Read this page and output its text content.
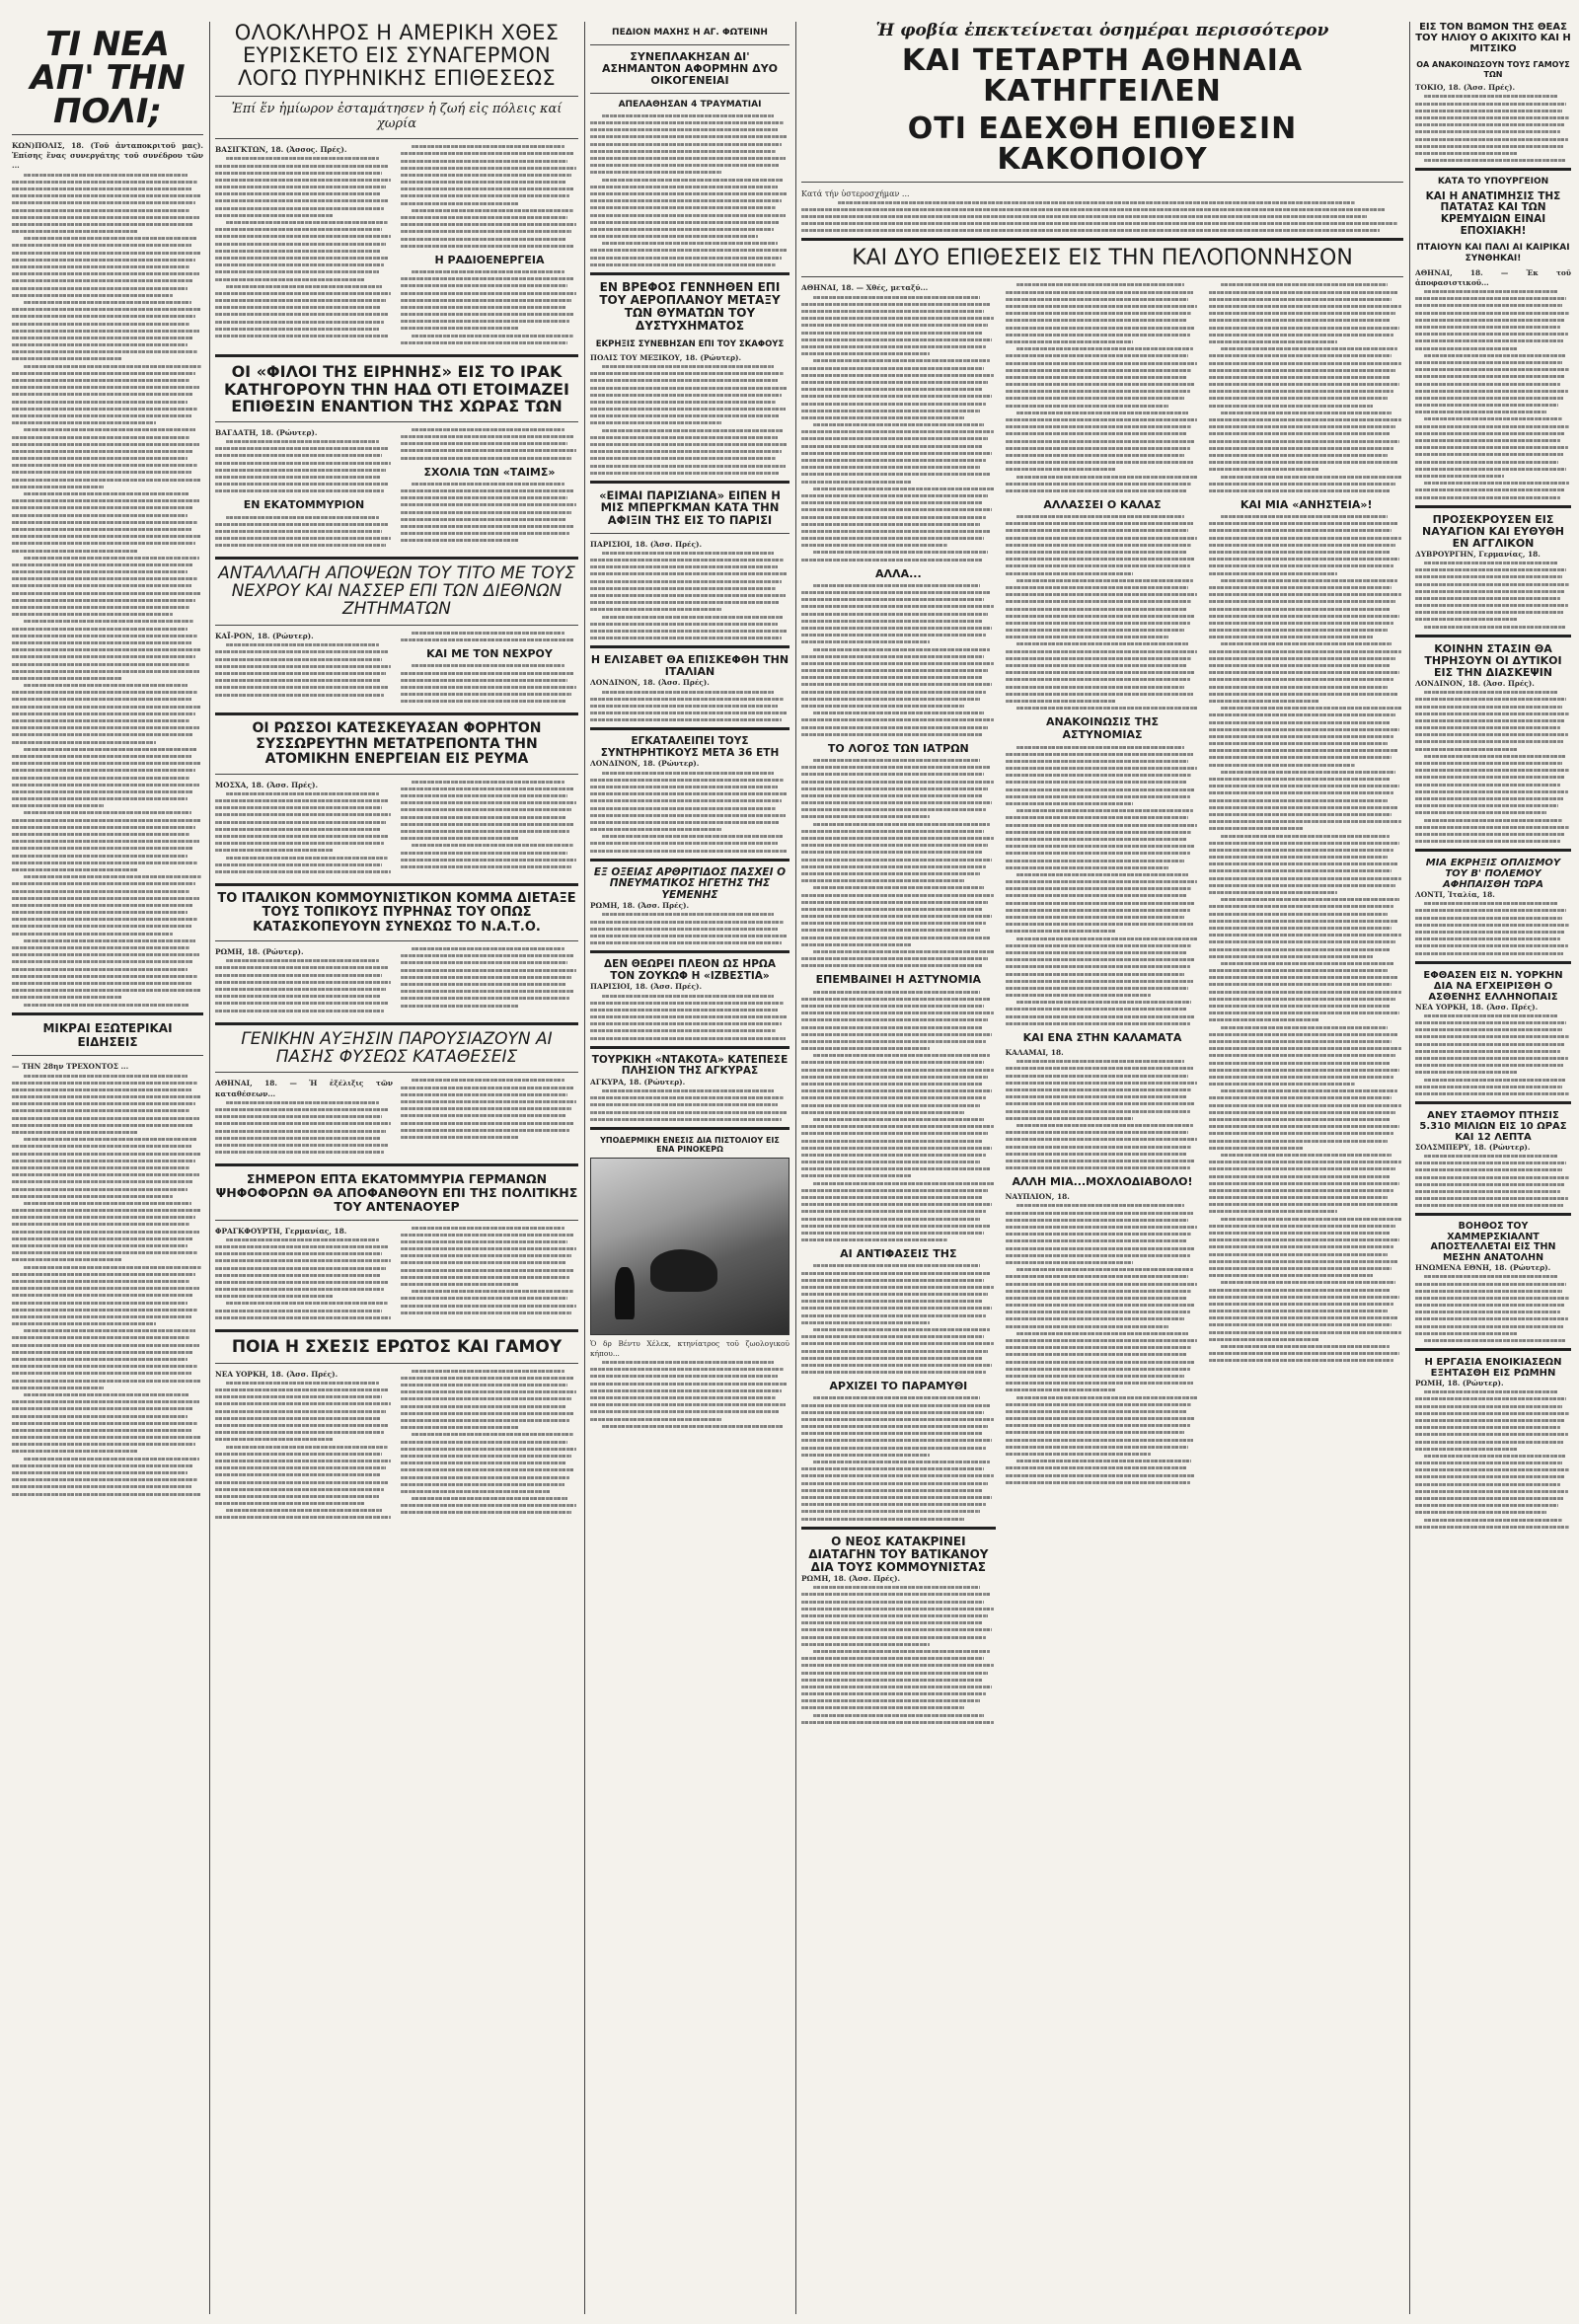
ΤΙ ΝΕΑ
ΑΠ' ΤΗΝ
ΠΟΛΙ;

ΚΩΝ)ΠΟΛΙΣ, 18. (Τοῦ ἀνταποκριτοῦ μας). Ἐπίσης ἕνας συνεργάτης τοῦ συνέδρου τῶν ...

ΜΙΚΡΑΙ ΕΞΩΤΕΡΙΚΑΙ ΕΙΔΗΣΕΙΣ

— ΤΗΝ 28ην ΤΡΕΧΟΝΤΟΣ ...

ΟΛΟΚΛΗΡΟΣ Η ΑΜΕΡΙΚΗ ΧΘΕΣ ΕΥΡΙΣΚΕΤΟ ΕΙΣ ΣΥΝΑΓΕΡΜΟΝ ΛΟΓΩ ΠΥΡΗΝΙΚΗΣ ΕΠΙΘΕΣΕΩΣ
Ἐπί ἕν ἡμίωρον ἐσταμάτησεν ἡ ζωή εἰς πόλεις καί χωρία

ΒΑΣΙΓΚΤΩΝ, 18. (Ἀσσος. Πρές).

Η ΡΑΔΙΟΕΝΕΡΓΕΙΑ
ΟΙ «ΦΙΛΟΙ ΤΗΣ ΕΙΡΗΝΗΣ» ΕΙΣ ΤΟ ΙΡΑΚ ΚΑΤΗΓΟΡΟΥΝ ΤΗΝ ΗΑΔ ΟΤΙ ΕΤΟΙΜΑΖΕΙ ΕΠΙΘΕΣΙΝ ΕΝΑΝΤΙΟΝ ΤΗΣ ΧΩΡΑΣ ΤΩΝ

ΒΑΓΔΑΤΗ, 18. (Ρώυτερ).

ΕΝ ΕΚΑΤΟΜΜΥΡΙΟΝ
ΣΧΟΛΙΑ ΤΩΝ «ΤΑΙΜΣ»
ΑΝΤΑΛΛΑΓΗ ΑΠΟΨΕΩΝ ΤΟΥ ΤΙΤΟ ΜΕ ΤΟΥΣ ΝΕΧΡΟΥ ΚΑΙ ΝΑΣΣΕΡ ΕΠΙ ΤΩΝ ΔΙΕΘΝΩΝ ΖΗΤΗΜΑΤΩΝ

ΚΑΪ-ΡΟΝ, 18. (Ρώυτερ).

ΚΑΙ ΜΕ ΤΟΝ ΝΕΧΡΟΥ
ΟΙ ΡΩΣΣΟΙ ΚΑΤΕΣΚΕΥΑΣΑΝ ΦΟΡΗΤΟΝ ΣΥΣΣΩΡΕΥΤΗΝ ΜΕΤΑΤΡΕΠΟΝΤΑ ΤΗΝ ΑΤΟΜΙΚΗΝ ΕΝΕΡΓΕΙΑΝ ΕΙΣ ΡΕΥΜΑ

ΜΟΣΧΑ, 18. (Ἀσσ. Πρές).

ΤΟ ΙΤΑΛΙΚΟΝ ΚΟΜΜΟΥΝΙΣΤΙΚΟΝ ΚΟΜΜΑ ΔΙΕΤΑΞΕ ΤΟΥΣ ΤΟΠΙΚΟΥΣ ΠΥΡΗΝΑΣ ΤΟΥ ΟΠΩΣ ΚΑΤΑΣΚΟΠΕΥΟΥΝ ΣΥΝΕΧΩΣ ΤΟ Ν.Α.Τ.Ο.

ΡΩΜΗ, 18. (Ρώυτερ).

ΓΕΝΙΚΗΝ ΑΥΞΗΣΙΝ ΠΑΡΟΥΣΙΑΖΟΥΝ ΑΙ ΠΑΣΗΣ ΦΥΣΕΩΣ ΚΑΤΑΘΕΣΕΙΣ

ΑΘΗΝΑΙ, 18. — Ἡ ἐξέλιξις τῶν καταθέσεων...

ΣΗΜΕΡΟΝ ΕΠΤΑ ΕΚΑΤΟΜΜΥΡΙΑ ΓΕΡΜΑΝΩΝ ΨΗΦΟΦΟΡΩΝ ΘΑ ΑΠΟΦΑΝΘΟΥΝ ΕΠΙ ΤΗΣ ΠΟΛΙΤΙΚΗΣ ΤΟΥ ΑΝΤΕΝΑΟΥΕΡ

ΦΡΑΓΚΦΟΥΡΤΗ, Γερμανίας, 18.

ΠΟΙΑ Η ΣΧΕΣΙΣ ΕΡΩΤΟΣ ΚΑΙ ΓΑΜΟΥ

ΝΕΑ ΥΟΡΚΗ, 18. (Ἀσσ. Πρές).

ΠΕΔΙΟΝ ΜΑΧΗΣ Η ΑΓ. ΦΩΤΕΙΝΗ
ΣΥΝΕΠΛΑΚΗΣΑΝ ΔΙ' ΑΣΗΜΑΝΤΟΝ ΑΦΟΡΜΗΝ ΔΥΟ ΟΙΚΟΓΕΝΕΙΑΙ
ΑΠΕΛΑΘΗΣΑΝ 4 ΤΡΑΥΜΑΤΙΑΙ
ΕΝ ΒΡΕΦΟΣ ΓΕΝΝΗΘΕΝ ΕΠΙ ΤΟΥ ΑΕΡΟΠΛΑΝΟΥ ΜΕΤΑΞΥ ΤΩΝ ΘΥΜΑΤΩΝ ΤΟΥ ΔΥΣΤΥΧΗΜΑΤΟΣ
ΕΚΡΗΞΙΣ ΣΥΝΕΒΗΣΑΝ ΕΠΙ ΤΟΥ ΣΚΑΦΟΥΣ

ΠΟΛΙΣ ΤΟΥ ΜΕΞΙΚΟΥ, 18. (Ρώυτερ).

«ΕΙΜΑΙ ΠΑΡΙΖΙΑΝΑ» ΕΙΠΕΝ Η ΜΙΣ ΜΠΕΡΓΚΜΑΝ ΚΑΤΑ ΤΗΝ ΑΦΙΞΙΝ ΤΗΣ ΕΙΣ ΤΟ ΠΑΡΙΣΙ

ΠΑΡΙΣΙΟΙ, 18. (Ἀσσ. Πρές).

Η ΕΛΙΣΑΒΕΤ ΘΑ ΕΠΙΣΚΕΦΘΗ ΤΗΝ ΙΤΑΛΙΑΝ

ΛΟΝΔΙΝΟΝ, 18. (Ἀσσ. Πρές).

ΕΓΚΑΤΑΛΕΙΠΕΙ ΤΟΥΣ ΣΥΝΤΗΡΗΤΙΚΟΥΣ ΜΕΤΑ 36 ΕΤΗ

ΛΟΝΔΙΝΟΝ, 18. (Ρώυτερ).

ΕΞ ΟΞΕΙΑΣ ΑΡΘΡΙΤΙΔΟΣ ΠΑΣΧΕΙ Ο ΠΝΕΥΜΑΤΙΚΟΣ ΗΓΕΤΗΣ ΤΗΣ ΥΕΜΕΝΗΣ

ΡΩΜΗ, 18. (Ἀσσ. Πρές).

ΔΕΝ ΘΕΩΡΕΙ ΠΛΕΟΝ ΩΣ ΗΡΩΑ ΤΟΝ ΖΟΥΚΩΦ Η «ΙΖΒΕΣΤΙΑ»

ΠΑΡΙΣΙΟΙ, 18. (Ἀσσ. Πρές).

ΤΟΥΡΚΙΚΗ «ΝΤΑΚΟΤΑ» ΚΑΤΕΠΕΣΕ ΠΛΗΣΙΟΝ ΤΗΣ ΑΓΚΥΡΑΣ

ΑΓΚΥΡΑ, 18. (Ρώυτερ).

ΥΠΟΔΕΡΜΙΚΗ ΕΝΕΣΙΣ ΔΙΑ ΠΙΣΤΟΛΙΟΥ ΕΙΣ ΕΝΑ ΡΙΝΟΚΕΡΩ

Ὁ δρ Βέντυ Χέλεκ, κτηνίατρος τοῦ ζωολογικοῦ κήπου...

Ἡ φοβία ἐπεκτείνεται ὁσημέραι περισσότερον
ΚΑΙ ΤΕΤΑΡΤΗ ΑΘΗΝΑΙΑ ΚΑΤΗΓΓΕΙΛΕΝ
ΟΤΙ ΕΔΕΧΘΗ ΕΠΙΘΕΣΙΝ ΚΑΚΟΠΟΙΟΥ

Κατά τήν ὑστεροσχήμαν ...

ΚΑΙ ΔΥΟ ΕΠΙΘΕΣΕΙΣ ΕΙΣ ΤΗΝ ΠΕΛΟΠΟΝΝΗΣΟΝ

ΑΘΗΝΑΙ, 18. — Χθές, μεταξύ...

ΑΛΛΑ...
ΤΟ ΛΟΓΟΣ ΤΩΝ ΙΑΤΡΩΝ
ΕΠΕΜΒΑΙΝΕΙ Η ΑΣΤΥΝΟΜΙΑ
ΑΙ ΑΝΤΙΦΑΣΕΙΣ ΤΗΣ
ΑΡΧΙΖΕΙ ΤΟ ΠΑΡΑΜΥΘΙ
Ο ΝΕΟΣ ΚΑΤΑΚΡΙΝΕΙ ΔΙΑΤΑΓΗΝ ΤΟΥ ΒΑΤΙΚΑΝΟΥ ΔΙΑ ΤΟΥΣ ΚΟΜΜΟΥΝΙΣΤΑΣ

ΡΩΜΗ, 18. (Ἀσσ. Πρές).

ΑΛΛΑΣΣΕΙ Ο ΚΑΛΑΣ
ΑΝΑΚΟΙΝΩΣΙΣ ΤΗΣ ΑΣΤΥΝΟΜΙΑΣ
ΚΑΙ ΕΝΑ ΣΤΗΝ ΚΑΛΑΜΑΤΑ

ΚΑΛΑΜΑΙ, 18.

ΑΛΛΗ ΜΙΑ...ΜΟΧΛΟΔΙΑΒΟΛΟ!

ΝΑΥΠΛΙΟΝ, 18.

ΚΑΙ ΜΙΑ «ΑΝΗΣΤΕΙΑ»!
ΕΙΣ ΤΟΝ ΒΩΜΟΝ ΤΗΣ ΘΕΑΣ ΤΟΥ ΗΛΙΟΥ Ο ΑΚΙΧΙΤΟ ΚΑΙ Η ΜΙΤΣΙΚΟ
ΟΑ ΑΝΑΚΟΙΝΩΣΟΥΝ ΤΟΥΣ ΓΑΜΟΥΣ ΤΩΝ

ΤΟΚΙΟ, 18. (Ἀσσ. Πρές).

ΚΑΤΑ ΤΟ ΥΠΟΥΡΓΕΙΟΝ
ΚΑΙ Η ΑΝΑΤΙΜΗΣΙΣ ΤΗΣ ΠΑΤΑΤΑΣ ΚΑΙ ΤΩΝ ΚΡΕΜΥΔΙΩΝ ΕΙΝΑΙ ΕΠΟΧΙΑΚΗ!
ΠΤΑΙΟΥΝ ΚΑΙ ΠΑΛΙ ΑΙ ΚΑΙΡΙΚΑΙ ΣΥΝΘΗΚΑΙ!

ΑΘΗΝΑΙ, 18. — Ἐκ τοῦ ἀποφασιστικοῦ...

ΠΡΟΣΕΚΡΟΥΣΕΝ ΕΙΣ ΝΑΥΑΓΙΟΝ ΚΑΙ ΕΥΘΥΘΗ ΕΝ ΑΓΓΛΙΚΟΝ

ΔΥΒΡΟΥΡΓΗΝ, Γερμανίας, 18.

ΚΟΙΝΗΝ ΣΤΑΣΙΝ ΘΑ ΤΗΡΗΣΟΥΝ ΟΙ ΔΥΤΙΚΟΙ ΕΙΣ ΤΗΝ ΔΙΑΣΚΕΨΙΝ

ΛΟΝΔΙΝΟΝ, 18. (Ἀσσ. Πρές).

ΜΙΑ ΕΚΡΗΞΙΣ ΟΠΛΙΣΜΟΥ ΤΟΥ Β' ΠΟΛΕΜΟΥ ΑΦΗΠΑΙΣΘΗ ΤΩΡΑ

ΛΟΝΤΙ, Ἰταλία, 18.

ΕΦΘΑΣΕΝ ΕΙΣ Ν. ΥΟΡΚΗΝ ΔΙΑ ΝΑ ΕΓΧΕΙΡΙΣΘΗ Ο ΑΣΘΕΝΗΣ ΕΛΛΗΝΟΠΑΙΣ

ΝΕΑ ΥΟΡΚΗ, 18. (Ἀσσ. Πρές).

ΑΝΕΥ ΣΤΑΘΜΟΥ ΠΤΗΣΙΣ 5.310 ΜΙΛΙΩΝ ΕΙΣ 10 ΩΡΑΣ ΚΑΙ 12 ΛΕΠΤΑ

ΣΟΛΣΜΠΕΡΥ, 18. (Ρώυτερ).

ΒΟΗΘΟΣ ΤΟΥ ΧΑΜΜΕΡΣΚΙΑΛΝΤ ΑΠΟΣΤΕΛΛΕΤΑΙ ΕΙΣ ΤΗΝ ΜΕΣΗΝ ΑΝΑΤΟΛΗΝ

ΗΝΩΜΕΝΑ ΕΘΝΗ, 18. (Ρώυτερ).

Η ΕΡΓΑΣΙΑ ΕΝΟΙΚΙΑΣΕΩΝ ΕΞΗΤΑΣΘΗ ΕΙΣ ΡΩΜΗΝ

ΡΩΜΗ, 18. (Ρώυτερ).
